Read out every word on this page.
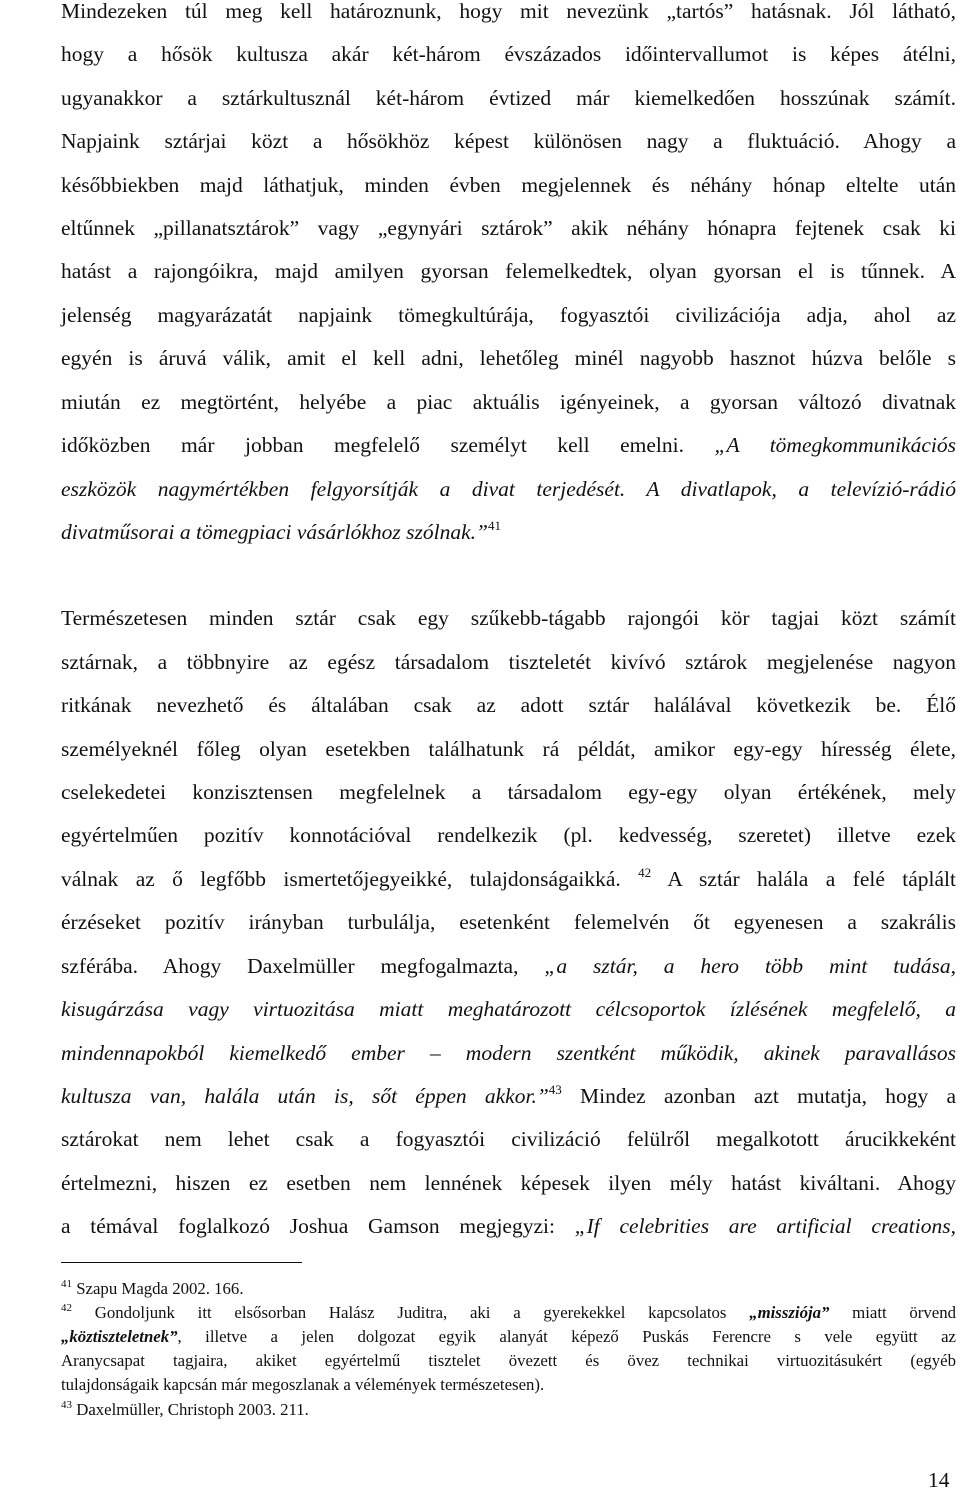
Mindezeken túl meg kell határoznunk, hogy mit nevezünk „tartós” hatásnak. Jól látható,
hogy a hősök kultusza akár két-három évszázados időintervallumot is képes átélni,
ugyanakkor a sztárkultusznál két-három évtized már kiemelkedően hosszúnak számít.
Napjaink sztárjai közt a hősökhöz képest különösen nagy a fluktuáció. Ahogy a
későbbiekben majd láthatjuk, minden évben megjelennek és néhány hónap eltelte után
eltűnnek „pillanatsztárok” vagy „egynyári sztárok” akik néhány hónapra fejtenek csak ki
hatást a rajongóikra, majd amilyen gyorsan felemelkedtek, olyan gyorsan el is tűnnek. A
jelenség magyarázatát napjaink tömegkultúrája, fogyasztói civilizációja adja, ahol az
egyén is áruvá válik, amit el kell adni, lehetőleg minél nagyobb hasznot húzva belőle s
miután ez megtörtént, helyébe a piac aktuális igényeinek, a gyorsan változó divatnak
időközben már jobban megfelelő személyt kell emelni. „A tömegkommunikációs
eszközök nagymértékben felgyorsítják a divat terjedését. A divatlapok, a televízió-rádió
divatműsorai a tömegpiaci vásárlókhoz szólnak.”$^{41}$
Természetesen minden sztár csak egy szűkebb-tágabb rajongói kör tagjai közt számít
sztárnak, a többnyire az egész társadalom tiszteletét kivívó sztárok megjelenése nagyon
ritkának nevezhető és általában csak az adott sztár halálával következik be. Élő
személyeknél főleg olyan esetekben találhatunk rá példát, amikor egy-egy híresség élete,
cselekedetei konzisztensen megfelelnek a társadalom egy-egy olyan értékének, mely
egyértelműen pozitív konnotációval rendelkezik (pl. kedvesség, szeretet) illetve ezek
válnak az ő legfőbb ismertetőjegyeikké, tulajdonságaikká. $^{42}$ A sztár halála a felé táplált
érzéseket pozitív irányban turbulálja, esetenként felemelvén őt egyenesen a szakrális
szférába. Ahogy Daxelmüller megfogalmazta, „a sztár, a hero több mint tudása,
kisugárzása vagy virtuozitása miatt meghatározott célcsoportok ízlésének megfelelő, a
mindennapokból kiemelkedő ember – modern szentként működik, akinek paravallásos
kultusza van, halála után is, sőt éppen akkor.”$^{43}$ Mindez azonban azt mutatja, hogy a
sztárokat nem lehet csak a fogyasztói civilizáció felülről megalkotott árucikkeként
értelmezni, hiszen ez esetben nem lennének képesek ilyen mély hatást kiváltani. Ahogy
a témával foglalkozó Joshua Gamson megjegyzi: „If celebrities are artificial creations,
$^{41}$ Szapu Magda 2002. 166.
$^{42}$ Gondoljunk itt elsősorban Halász Juditra, aki a gyerekekkel kapcsolatos „missziója” miatt örvend
„köztiszteletnek”, illetve a jelen dolgozat egyik alanyát képező Puskás Ferencre s vele együtt az
Aranycsapat tagjaira, akiket egyértelmű tisztelet övezett és övez technikai virtuozitásukért (egyéb
tulajdonságaik kapcsán már megoszlanak a vélemények természetesen).
$^{43}$ Daxelmüller, Christoph 2003. 211.
14
